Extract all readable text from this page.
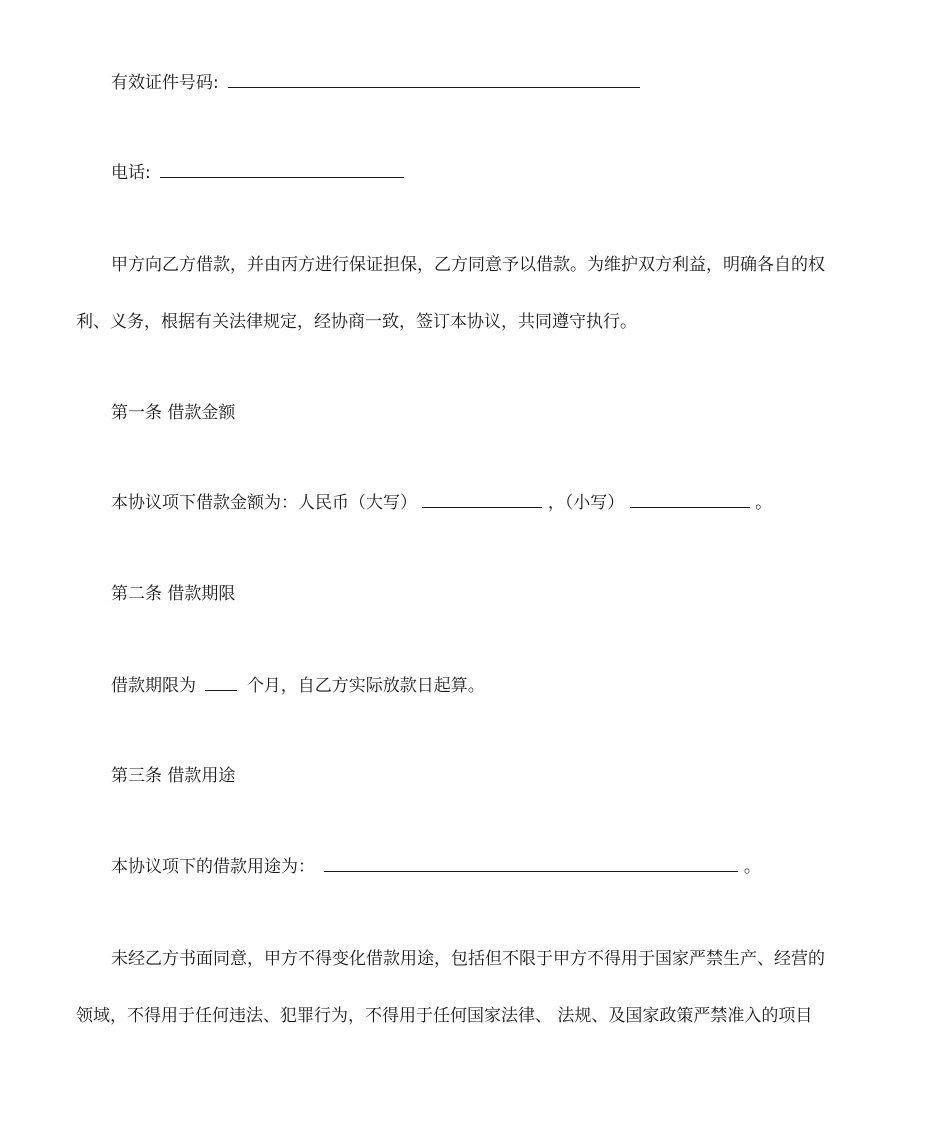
有效证件号码:
电话:
甲方向乙方借款，并由丙方进行保证担保，乙方同意予以借款。为维护双方利益，明确各自的权
利、义务，根据有关法律规定，经协商一致，签订本协议，共同遵守执行。
第一条 借款金额
本协议项下借款金额为：人民币（大写）	，（小写）	。
第二条 借款期限
借款期限为	个月，自乙方实际放款日起算。
第三条 借款用途
本协议项下的借款用途为：	。
未经乙方书面同意，甲方不得变化借款用途，包括但不限于甲方不得用于国家严禁生产、经营的
领域，不得用于任何违法、犯罪行为，不得用于任何国家法律、 法规、及国家政策严禁准入的项目
